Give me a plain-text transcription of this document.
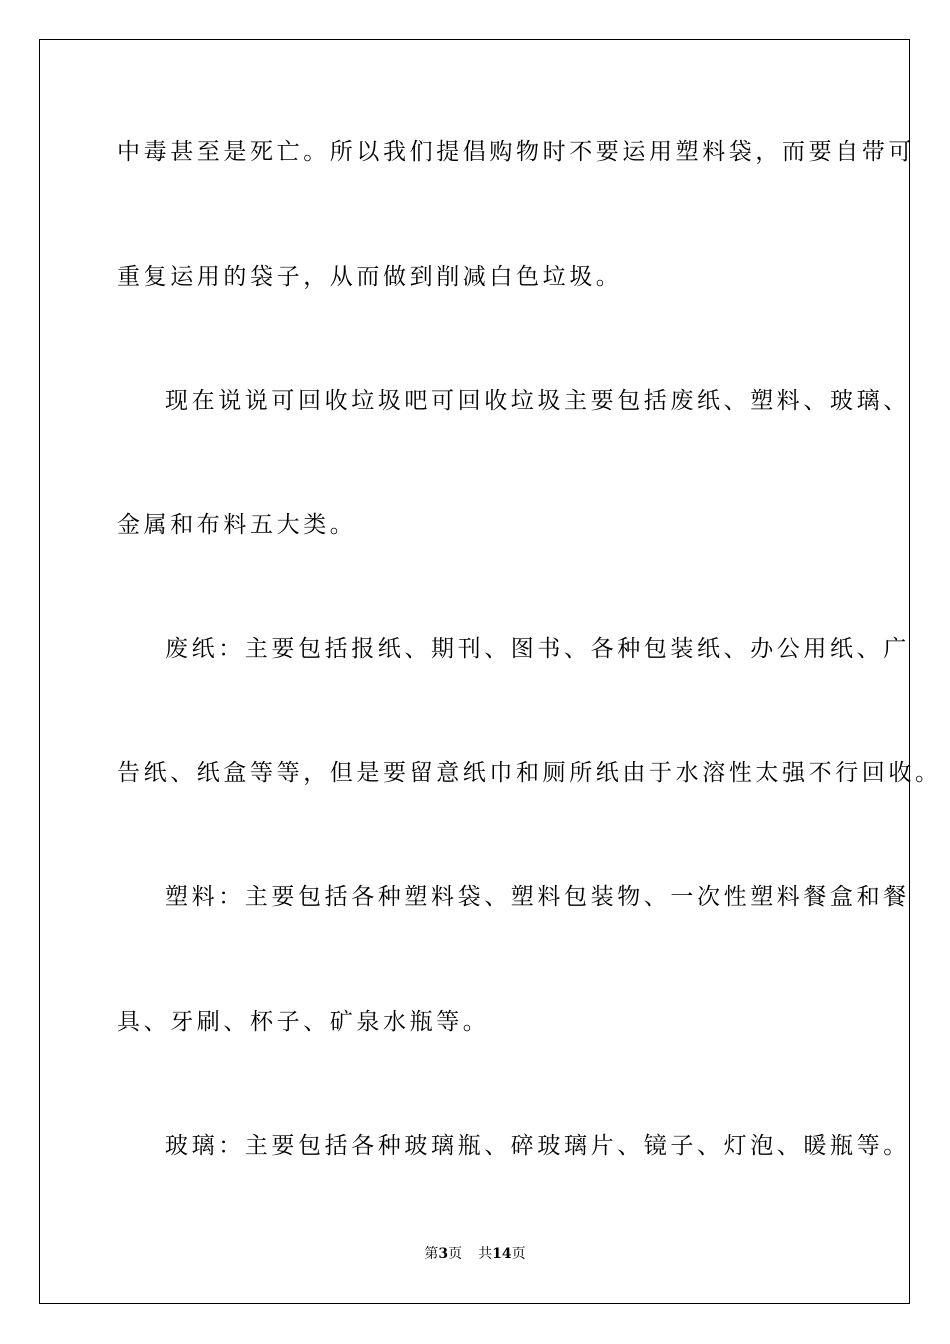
中毒甚至是死亡。所以我们提倡购物时不要运用塑料袋，而要自带可
重复运用的袋子，从而做到削减白色垃圾。
现在说说可回收垃圾吧可回收垃圾主要包括废纸、塑料、玻璃、
金属和布料五大类。
废纸：主要包括报纸、期刊、图书、各种包装纸、办公用纸、广
告纸、纸盒等等，但是要留意纸巾和厕所纸由于水溶性太强不行回收。
塑料：主要包括各种塑料袋、塑料包装物、一次性塑料餐盒和餐
具、牙刷、杯子、矿泉水瓶等。
玻璃：主要包括各种玻璃瓶、碎玻璃片、镜子、灯泡、暖瓶等。
第3页 共14页
